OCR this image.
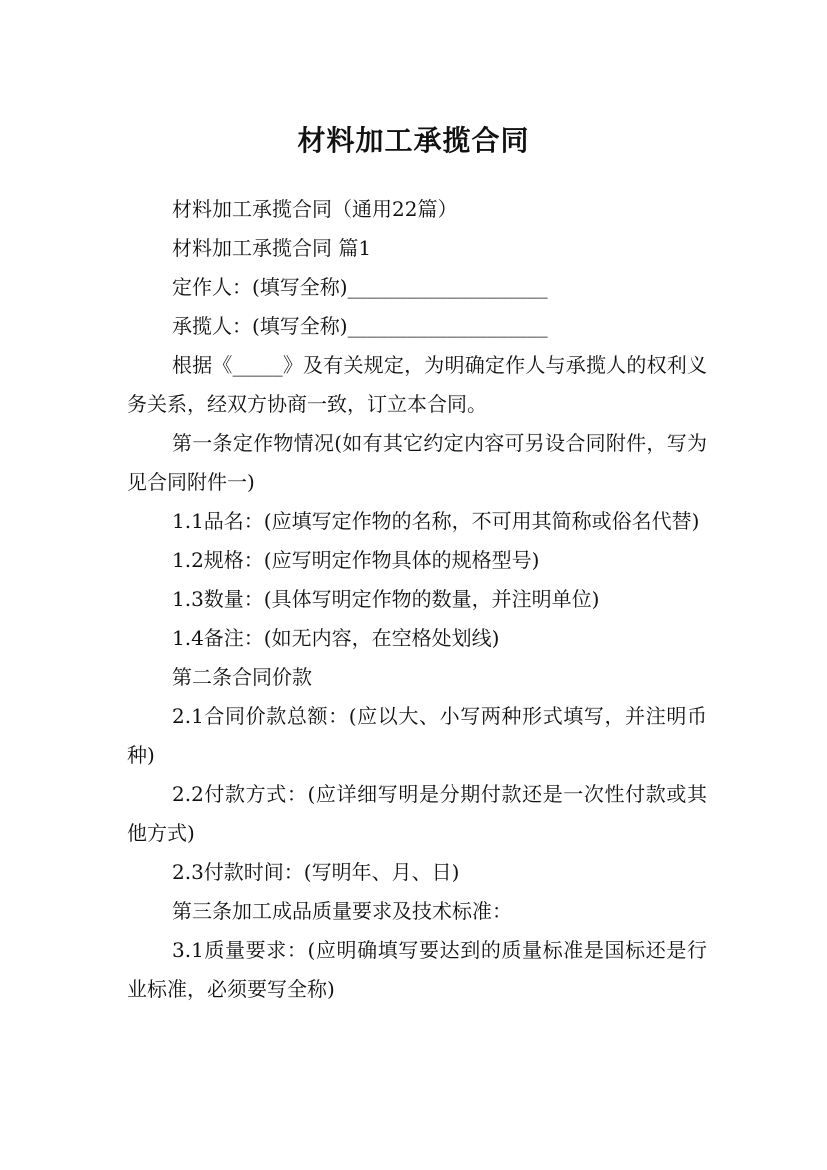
材料加工承揽合同

材料加工承揽合同（通用22篇）

材料加工承揽合同 篇1

定作人：(填写全称)____________________

承揽人：(填写全称)____________________

根据《_____》及有关规定，为明确定作人与承揽人的权利义务关系，经双方协商一致，订立本合同。

第一条定作物情况(如有其它约定内容可另设合同附件，写为见合同附件一)

1.1品名：(应填写定作物的名称，不可用其简称或俗名代替)

1.2规格：(应写明定作物具体的规格型号)

1.3数量：(具体写明定作物的数量，并注明单位)

1.4备注：(如无内容，在空格处划线)

第二条合同价款

2.1合同价款总额：(应以大、小写两种形式填写，并注明币种)

2.2付款方式：(应详细写明是分期付款还是一次性付款或其他方式)

2.3付款时间：(写明年、月、日)

第三条加工成品质量要求及技术标准：

3.1质量要求：(应明确填写要达到的质量标准是国标还是行业标准，必须要写全称)
